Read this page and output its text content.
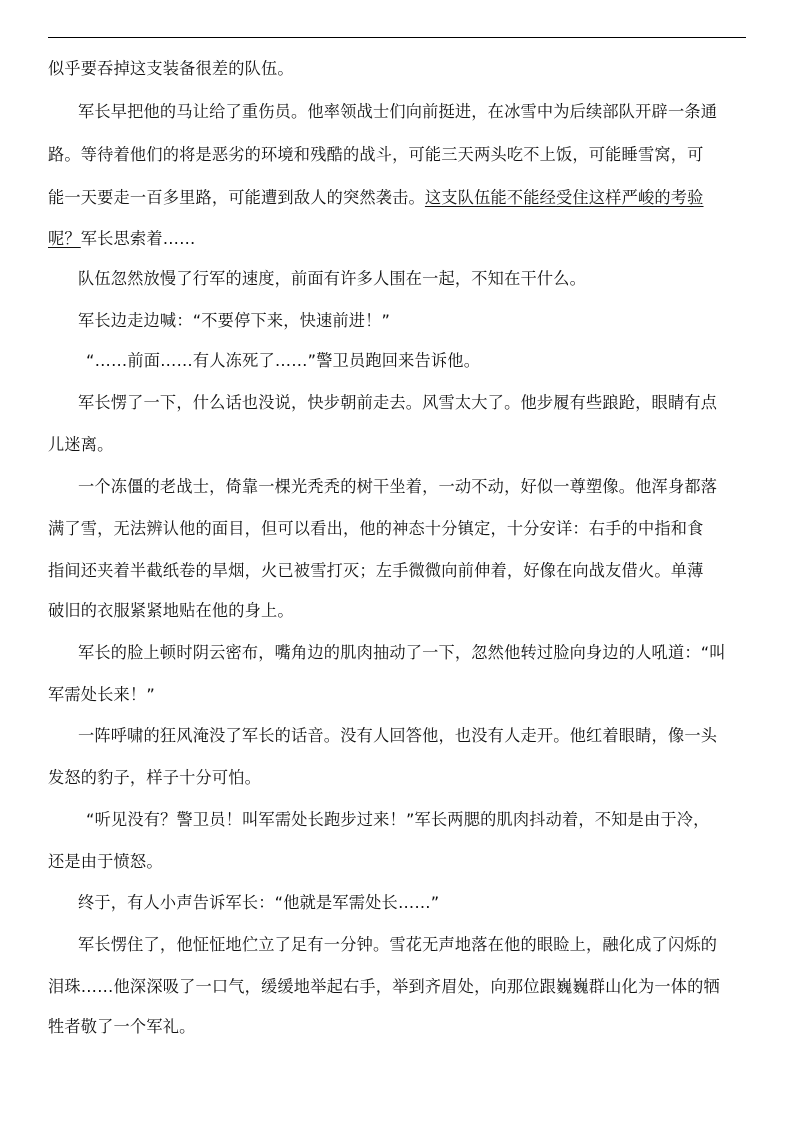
似乎要吞掉这支装备很差的队伍。
军长早把他的马让给了重伤员。他率领战士们向前挺进，在冰雪中为后续部队开辟一条通
路。等待着他们的将是恶劣的环境和残酷的战斗，可能三天两头吃不上饭，可能睡雪窝，可
能一天要走一百多里路，可能遭到敌人的突然袭击。这支队伍能不能经受住这样严峻的考验
呢？军长思索着……
队伍忽然放慢了行军的速度，前面有许多人围在一起，不知在干什么。
军长边走边喊：“不要停下来，快速前进！”
“……前面……有人冻死了……”警卫员跑回来告诉他。
军长愣了一下，什么话也没说，快步朝前走去。风雪太大了。他步履有些踉跄，眼睛有点
儿迷离。
一个冻僵的老战士，倚靠一棵光秃秃的树干坐着，一动不动，好似一尊塑像。他浑身都落
满了雪，无法辨认他的面目，但可以看出，他的神态十分镇定，十分安详：右手的中指和食
指间还夹着半截纸卷的旱烟，火已被雪打灭；左手微微向前伸着，好像在向战友借火。单薄
破旧的衣服紧紧地贴在他的身上。
军长的脸上顿时阴云密布，嘴角边的肌肉抽动了一下，忽然他转过脸向身边的人吼道：“叫
军需处长来！”
一阵呼啸的狂风淹没了军长的话音。没有人回答他，也没有人走开。他红着眼睛，像一头
发怒的豹子，样子十分可怕。
“听见没有？警卫员！叫军需处长跑步过来！”军长两腮的肌肉抖动着，不知是由于冷，
还是由于愤怒。
终于，有人小声告诉军长：“他就是军需处长……”
军长愣住了，他怔怔地伫立了足有一分钟。雪花无声地落在他的眼睑上，融化成了闪烁的
泪珠……他深深吸了一口气，缓缓地举起右手，举到齐眉处，向那位跟巍巍群山化为一体的牺
牲者敬了一个军礼。
